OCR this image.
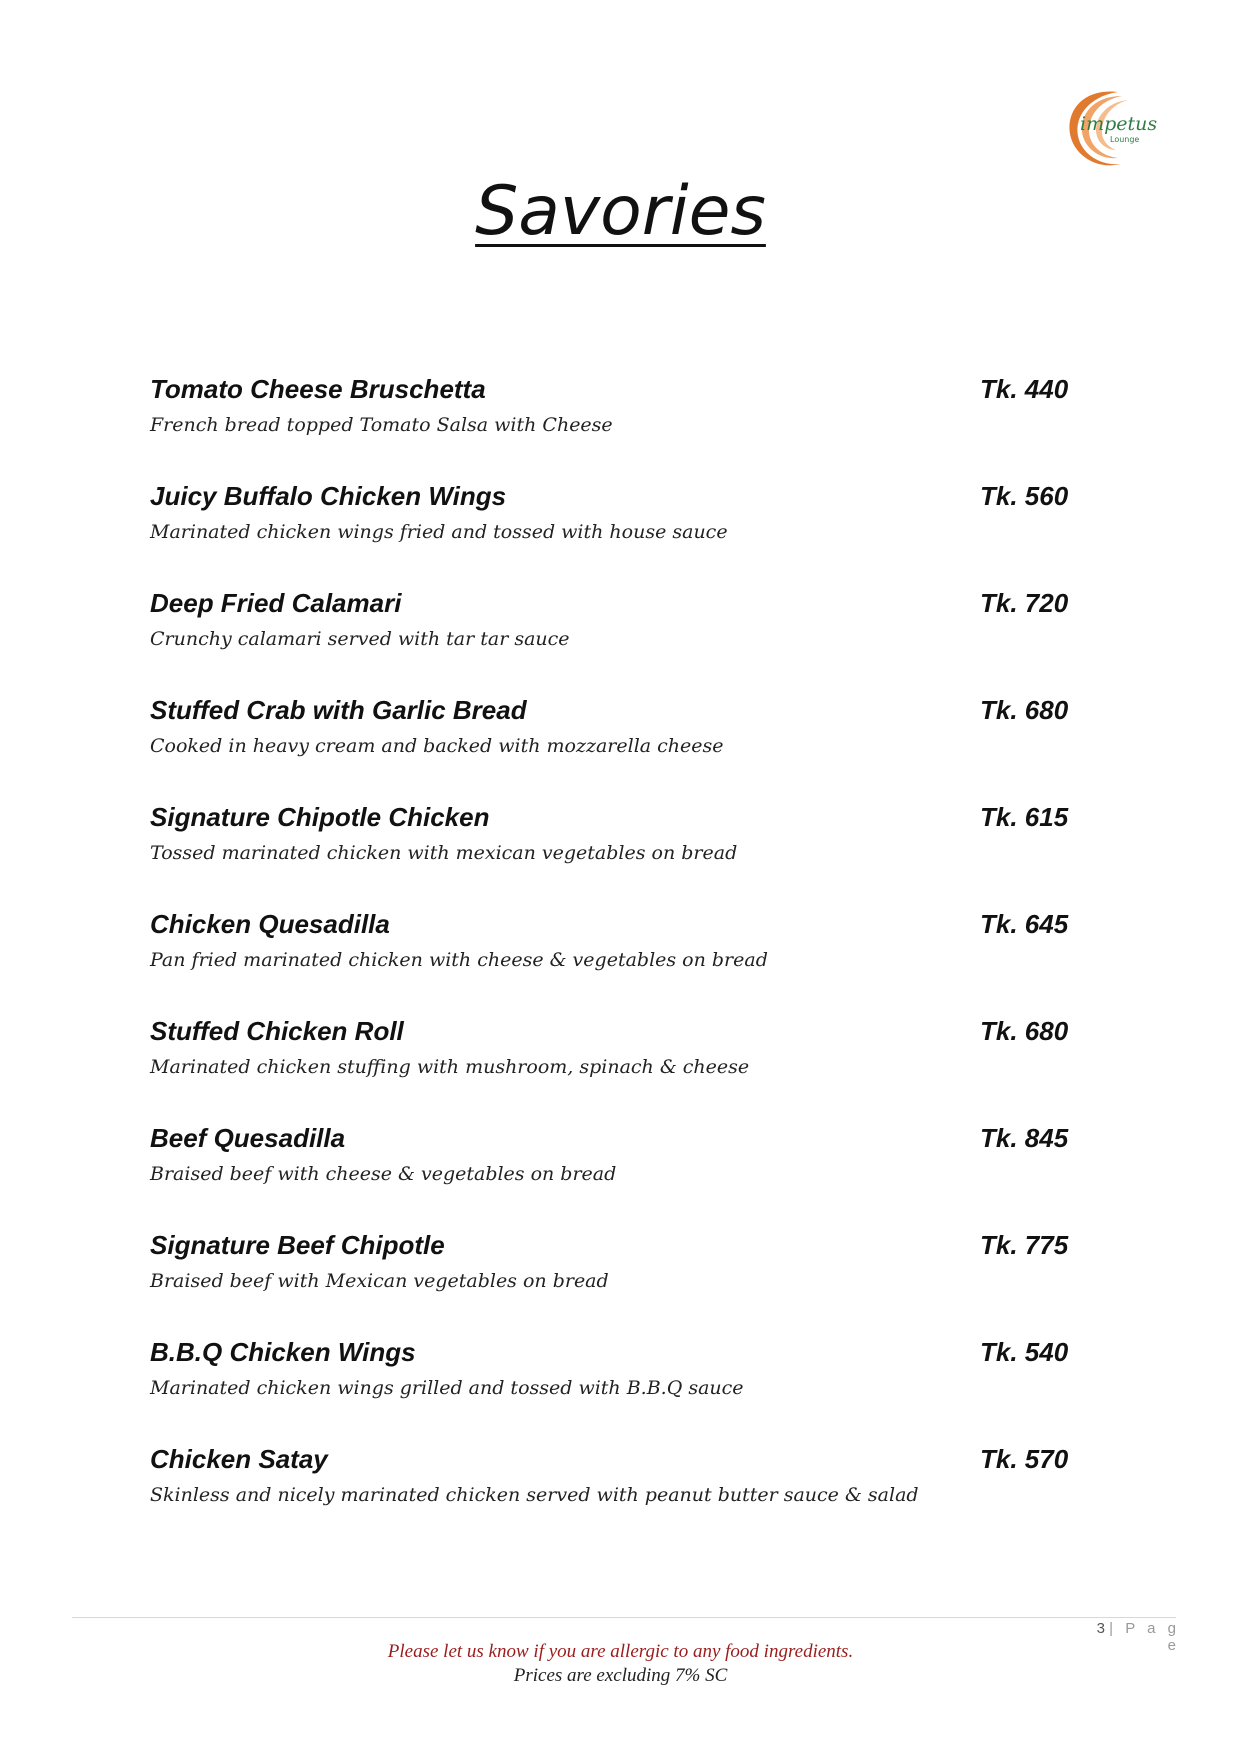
impetus
Lounge
Savories
Tomato Cheese Bruschetta	Tk. 440
French bread topped Tomato Salsa with Cheese
Juicy Buffalo Chicken Wings	Tk. 560
Marinated chicken wings fried and tossed with house sauce
Deep Fried Calamari	Tk. 720
Crunchy calamari served with tar tar sauce
Stuffed Crab with Garlic Bread	Tk. 680
Cooked in heavy cream and backed with mozzarella cheese
Signature Chipotle Chicken	Tk. 615
Tossed marinated chicken with mexican vegetables on bread
Chicken Quesadilla	Tk. 645
Pan fried marinated chicken with cheese & vegetables on bread
Stuffed Chicken Roll	Tk. 680
Marinated chicken stuffing with mushroom, spinach & cheese
Beef Quesadilla	Tk. 845
Braised beef with cheese & vegetables on bread
Signature Beef Chipotle	Tk. 775
Braised beef with Mexican vegetables on bread
B.B.Q Chicken Wings	Tk. 540
Marinated chicken wings grilled and tossed with B.B.Q sauce
Chicken Satay	Tk. 570
Skinless and nicely marinated chicken served with peanut butter sauce & salad
3 | P a g e
Please let us know if you are allergic to any food ingredients.
Prices are excluding 7% SC
